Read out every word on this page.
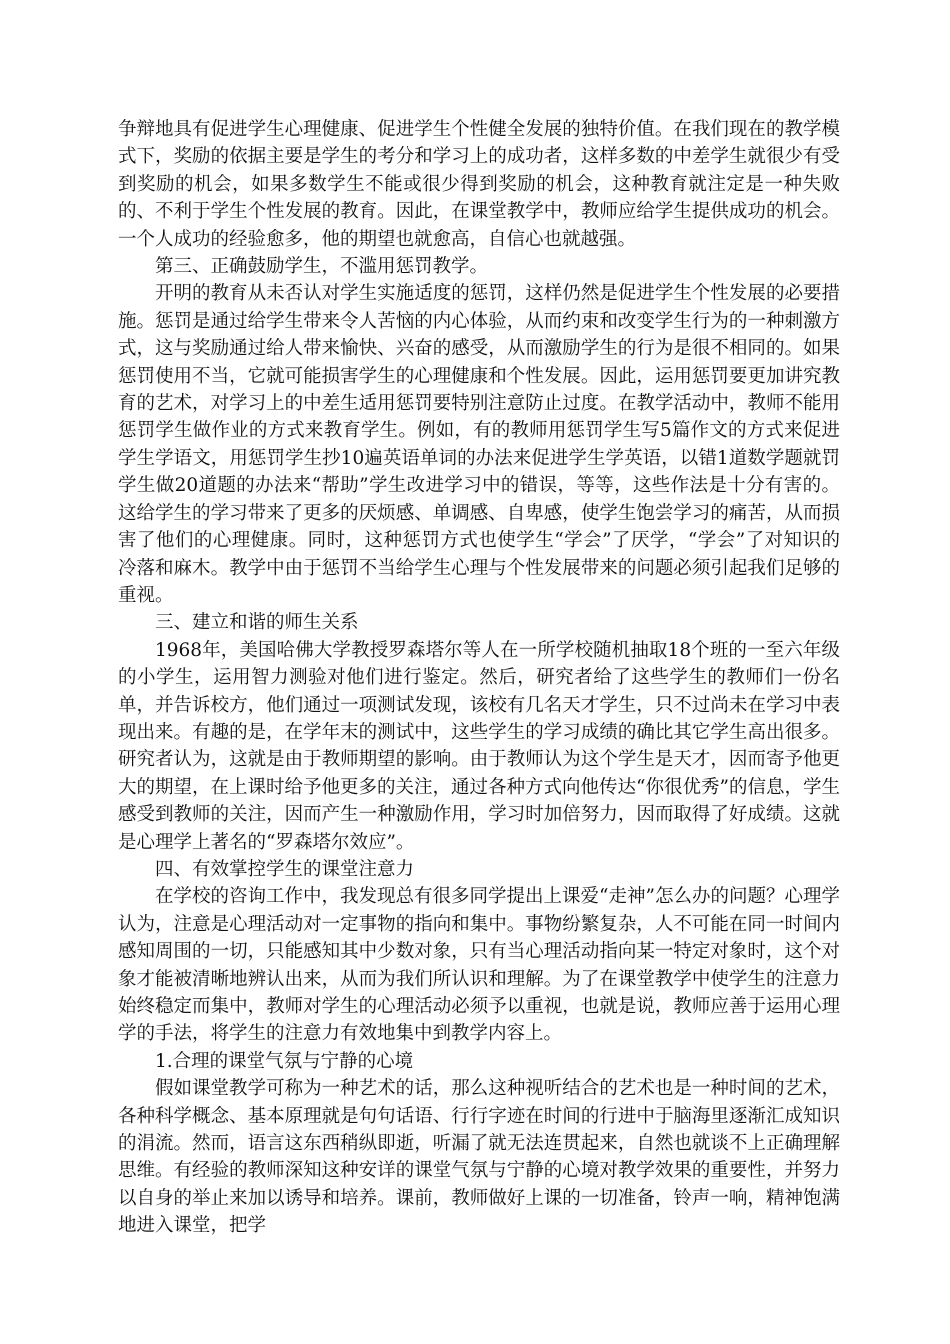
争辩地具有促进学生心理健康、促进学生个性健全发展的独特价值。在我们现在的教学模式下，奖励的依据主要是学生的考分和学习上的成功者，这样多数的中差学生就很少有受到奖励的机会，如果多数学生不能或很少得到奖励的机会，这种教育就注定是一种失败的、不利于学生个性发展的教育。因此，在课堂教学中，教师应给学生提供成功的机会。一个人成功的经验愈多，他的期望也就愈高，自信心也就越强。

第三、正确鼓励学生，不滥用惩罚教学。

开明的教育从未否认对学生实施适度的惩罚，这样仍然是促进学生个性发展的必要措施。惩罚是通过给学生带来令人苦恼的内心体验，从而约束和改变学生行为的一种刺激方式，这与奖励通过给人带来愉快、兴奋的感受，从而激励学生的行为是很不相同的。如果惩罚使用不当，它就可能损害学生的心理健康和个性发展。因此，运用惩罚要更加讲究教育的艺术，对学习上的中差生适用惩罚要特别注意防止过度。在教学活动中，教师不能用惩罚学生做作业的方式来教育学生。例如，有的教师用惩罚学生写5篇作文的方式来促进学生学语文，用惩罚学生抄10遍英语单词的办法来促进学生学英语，以错1道数学题就罚学生做20道题的办法来“帮助”学生改进学习中的错误，等等，这些作法是十分有害的。这给学生的学习带来了更多的厌烦感、单调感、自卑感，使学生饱尝学习的痛苦，从而损害了他们的心理健康。同时，这种惩罚方式也使学生“学会”了厌学，“学会”了对知识的冷落和麻木。教学中由于惩罚不当给学生心理与个性发展带来的问题必须引起我们足够的重视。

三、建立和谐的师生关系

1968年，美国哈佛大学教授罗森塔尔等人在一所学校随机抽取18个班的一至六年级的小学生，运用智力测验对他们进行鉴定。然后，研究者给了这些学生的教师们一份名单，并告诉校方，他们通过一项测试发现，该校有几名天才学生，只不过尚未在学习中表现出来。有趣的是，在学年末的测试中，这些学生的学习成绩的确比其它学生高出很多。研究者认为，这就是由于教师期望的影响。由于教师认为这个学生是天才，因而寄予他更大的期望，在上课时给予他更多的关注，通过各种方式向他传达“你很优秀”的信息，学生感受到教师的关注，因而产生一种激励作用，学习时加倍努力，因而取得了好成绩。这就是心理学上著名的“罗森塔尔效应”。

四、有效掌控学生的课堂注意力

在学校的咨询工作中，我发现总有很多同学提出上课爱“走神”怎么办的问题？心理学认为，注意是心理活动对一定事物的指向和集中。事物纷繁复杂，人不可能在同一时间内感知周围的一切，只能感知其中少数对象，只有当心理活动指向某一特定对象时，这个对象才能被清晰地辨认出来，从而为我们所认识和理解。为了在课堂教学中使学生的注意力始终稳定而集中，教师对学生的心理活动必须予以重视，也就是说，教师应善于运用心理学的手法，将学生的注意力有效地集中到教学内容上。

1.合理的课堂气氛与宁静的心境

假如课堂教学可称为一种艺术的话，那么这种视听结合的艺术也是一种时间的艺术，各种科学概念、基本原理就是句句话语、行行字迹在时间的行进中于脑海里逐渐汇成知识的涓流。然而，语言这东西稍纵即逝，听漏了就无法连贯起来，自然也就谈不上正确理解思维。有经验的教师深知这种安详的课堂气氛与宁静的心境对教学效果的重要性，并努力以自身的举止来加以诱导和培养。课前，教师做好上课的一切准备，铃声一响，精神饱满地进入课堂，把学
